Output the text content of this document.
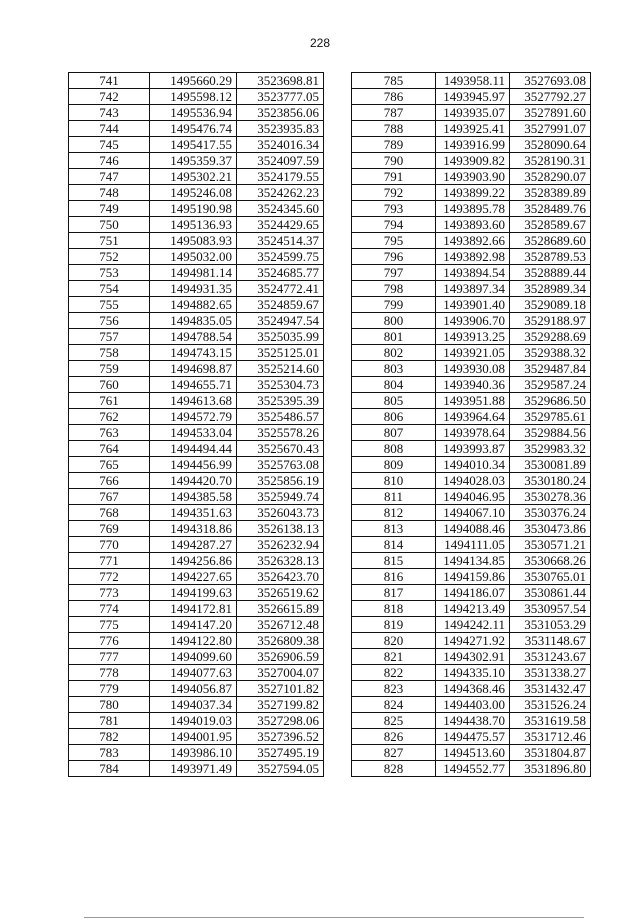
228
741	1495660.29	3523698.81
742	1495598.12	3523777.05
743	1495536.94	3523856.06
744	1495476.74	3523935.83
745	1495417.55	3524016.34
746	1495359.37	3524097.59
747	1495302.21	3524179.55
748	1495246.08	3524262.23
749	1495190.98	3524345.60
750	1495136.93	3524429.65
751	1495083.93	3524514.37
752	1495032.00	3524599.75
753	1494981.14	3524685.77
754	1494931.35	3524772.41
755	1494882.65	3524859.67
756	1494835.05	3524947.54
757	1494788.54	3525035.99
758	1494743.15	3525125.01
759	1494698.87	3525214.60
760	1494655.71	3525304.73
761	1494613.68	3525395.39
762	1494572.79	3525486.57
763	1494533.04	3525578.26
764	1494494.44	3525670.43
765	1494456.99	3525763.08
766	1494420.70	3525856.19
767	1494385.58	3525949.74
768	1494351.63	3526043.73
769	1494318.86	3526138.13
770	1494287.27	3526232.94
771	1494256.86	3526328.13
772	1494227.65	3526423.70
773	1494199.63	3526519.62
774	1494172.81	3526615.89
775	1494147.20	3526712.48
776	1494122.80	3526809.38
777	1494099.60	3526906.59
778	1494077.63	3527004.07
779	1494056.87	3527101.82
780	1494037.34	3527199.82
781	1494019.03	3527298.06
782	1494001.95	3527396.52
783	1493986.10	3527495.19
784	1493971.49	3527594.05
785	1493958.11	3527693.08
786	1493945.97	3527792.27
787	1493935.07	3527891.60
788	1493925.41	3527991.07
789	1493916.99	3528090.64
790	1493909.82	3528190.31
791	1493903.90	3528290.07
792	1493899.22	3528389.89
793	1493895.78	3528489.76
794	1493893.60	3528589.67
795	1493892.66	3528689.60
796	1493892.98	3528789.53
797	1493894.54	3528889.44
798	1493897.34	3528989.34
799	1493901.40	3529089.18
800	1493906.70	3529188.97
801	1493913.25	3529288.69
802	1493921.05	3529388.32
803	1493930.08	3529487.84
804	1493940.36	3529587.24
805	1493951.88	3529686.50
806	1493964.64	3529785.61
807	1493978.64	3529884.56
808	1493993.87	3529983.32
809	1494010.34	3530081.89
810	1494028.03	3530180.24
811	1494046.95	3530278.36
812	1494067.10	3530376.24
813	1494088.46	3530473.86
814	1494111.05	3530571.21
815	1494134.85	3530668.26
816	1494159.86	3530765.01
817	1494186.07	3530861.44
818	1494213.49	3530957.54
819	1494242.11	3531053.29
820	1494271.92	3531148.67
821	1494302.91	3531243.67
822	1494335.10	3531338.27
823	1494368.46	3531432.47
824	1494403.00	3531526.24
825	1494438.70	3531619.58
826	1494475.57	3531712.46
827	1494513.60	3531804.87
828	1494552.77	3531896.80
